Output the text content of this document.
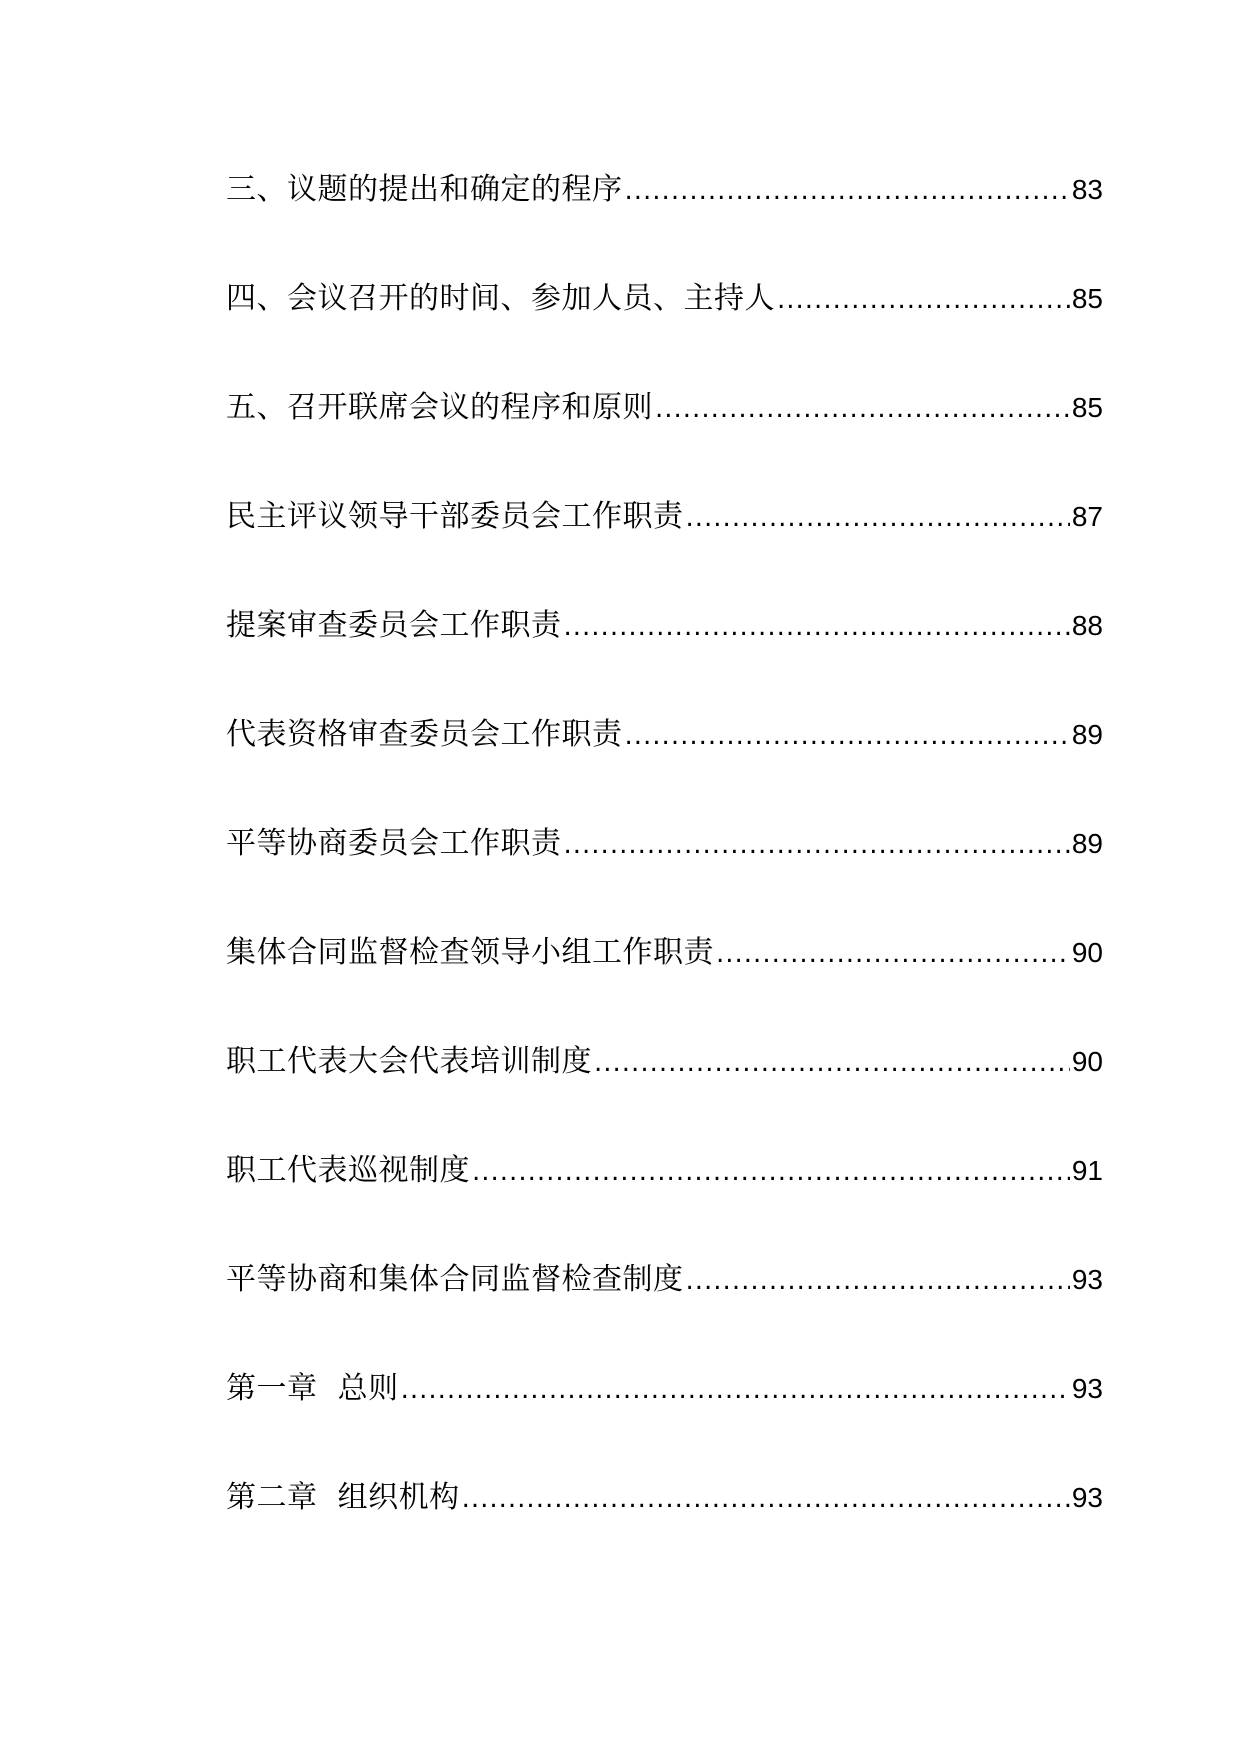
三、议题的提出和确定的程序 .....	83
四、会议召开的时间、参加人员、主持人 .....	85
五、召开联席会议的程序和原则 .....	85
民主评议领导干部委员会工作职责 .....	87
提案审查委员会工作职责 .....	88
代表资格审查委员会工作职责 .....	89
平等协商委员会工作职责 .....	89
集体合同监督检查领导小组工作职责 .....	90
职工代表大会代表培训制度 .....	90
职工代表巡视制度 .....	91
平等协商和集体合同监督检查制度 .....	93
第一章  总则 .....	93
第二章  组织机构 .....	93
